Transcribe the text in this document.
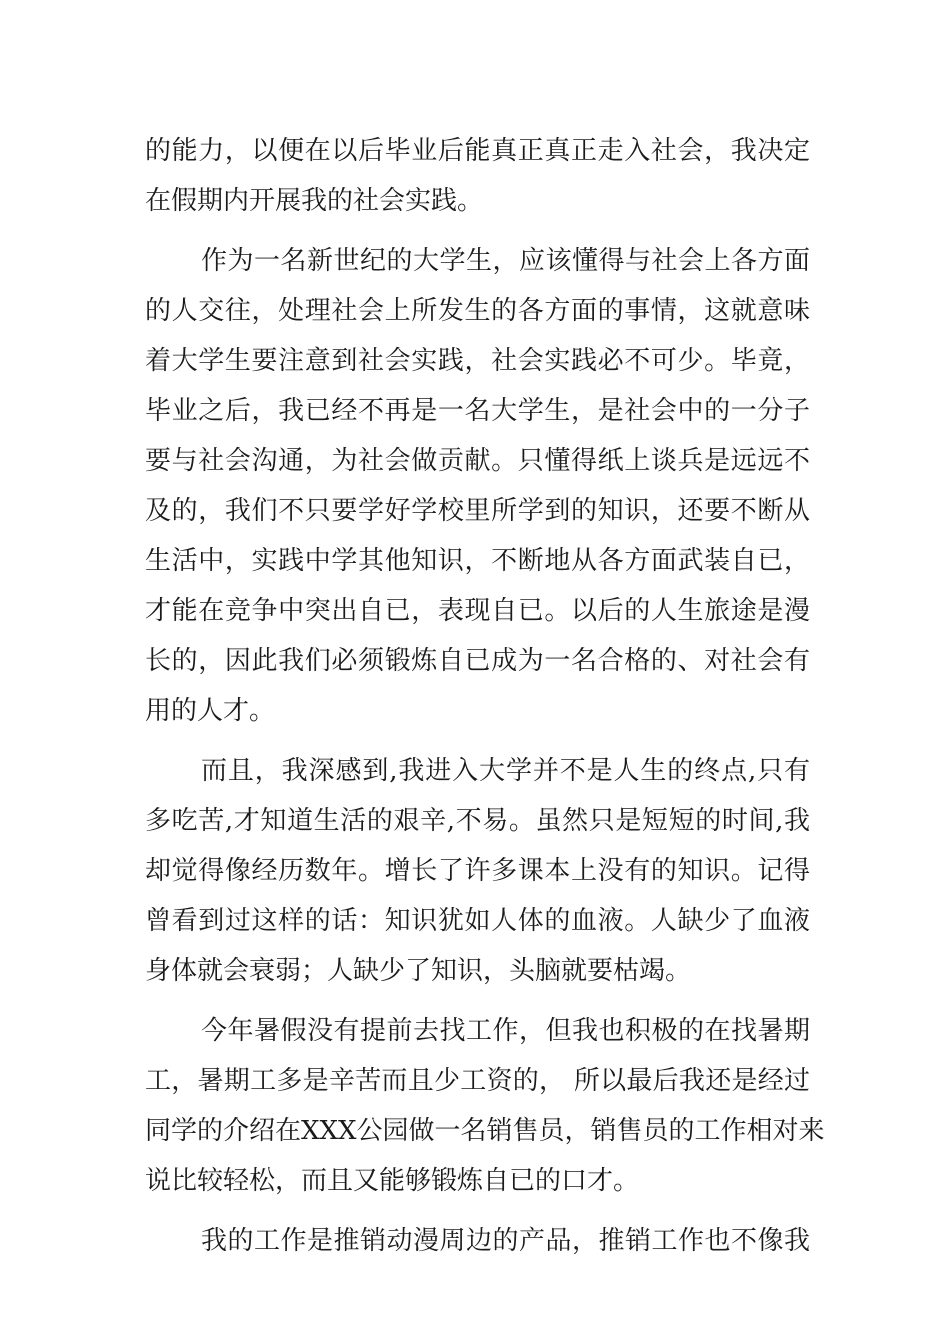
的能力，以便在以后毕业后能真正真正走入社会，我决定
在假期内开展我的社会实践。
作为一名新世纪的大学生，应该懂得与社会上各方面
的人交往，处理社会上所发生的各方面的事情，这就意味
着大学生要注意到社会实践，社会实践必不可少。毕竟，
毕业之后，我已经不再是一名大学生，是社会中的一分子
要与社会沟通，为社会做贡献。只懂得纸上谈兵是远远不
及的，我们不只要学好学校里所学到的知识，还要不断从
生活中，实践中学其他知识，不断地从各方面武装自已，
才能在竞争中突出自已，表现自已。以后的人生旅途是漫
长的，因此我们必须锻炼自已成为一名合格的、对社会有
用的人才。
而且，我深感到,我进入大学并不是人生的终点,只有
多吃苦,才知道生活的艰辛,不易。虽然只是短短的时间,我
却觉得像经历数年。增长了许多课本上没有的知识。记得
曾看到过这样的话：知识犹如人体的血液。人缺少了血液
身体就会衰弱；人缺少了知识，头脑就要枯竭。
今年暑假没有提前去找工作，但我也积极的在找暑期
工，暑期工多是辛苦而且少工资的， 所以最后我还是经过
同学的介绍在XXX公园做一名销售员，销售员的工作相对来
说比较轻松，而且又能够锻炼自已的口才。
我的工作是推销动漫周边的产品，推销工作也不像我
